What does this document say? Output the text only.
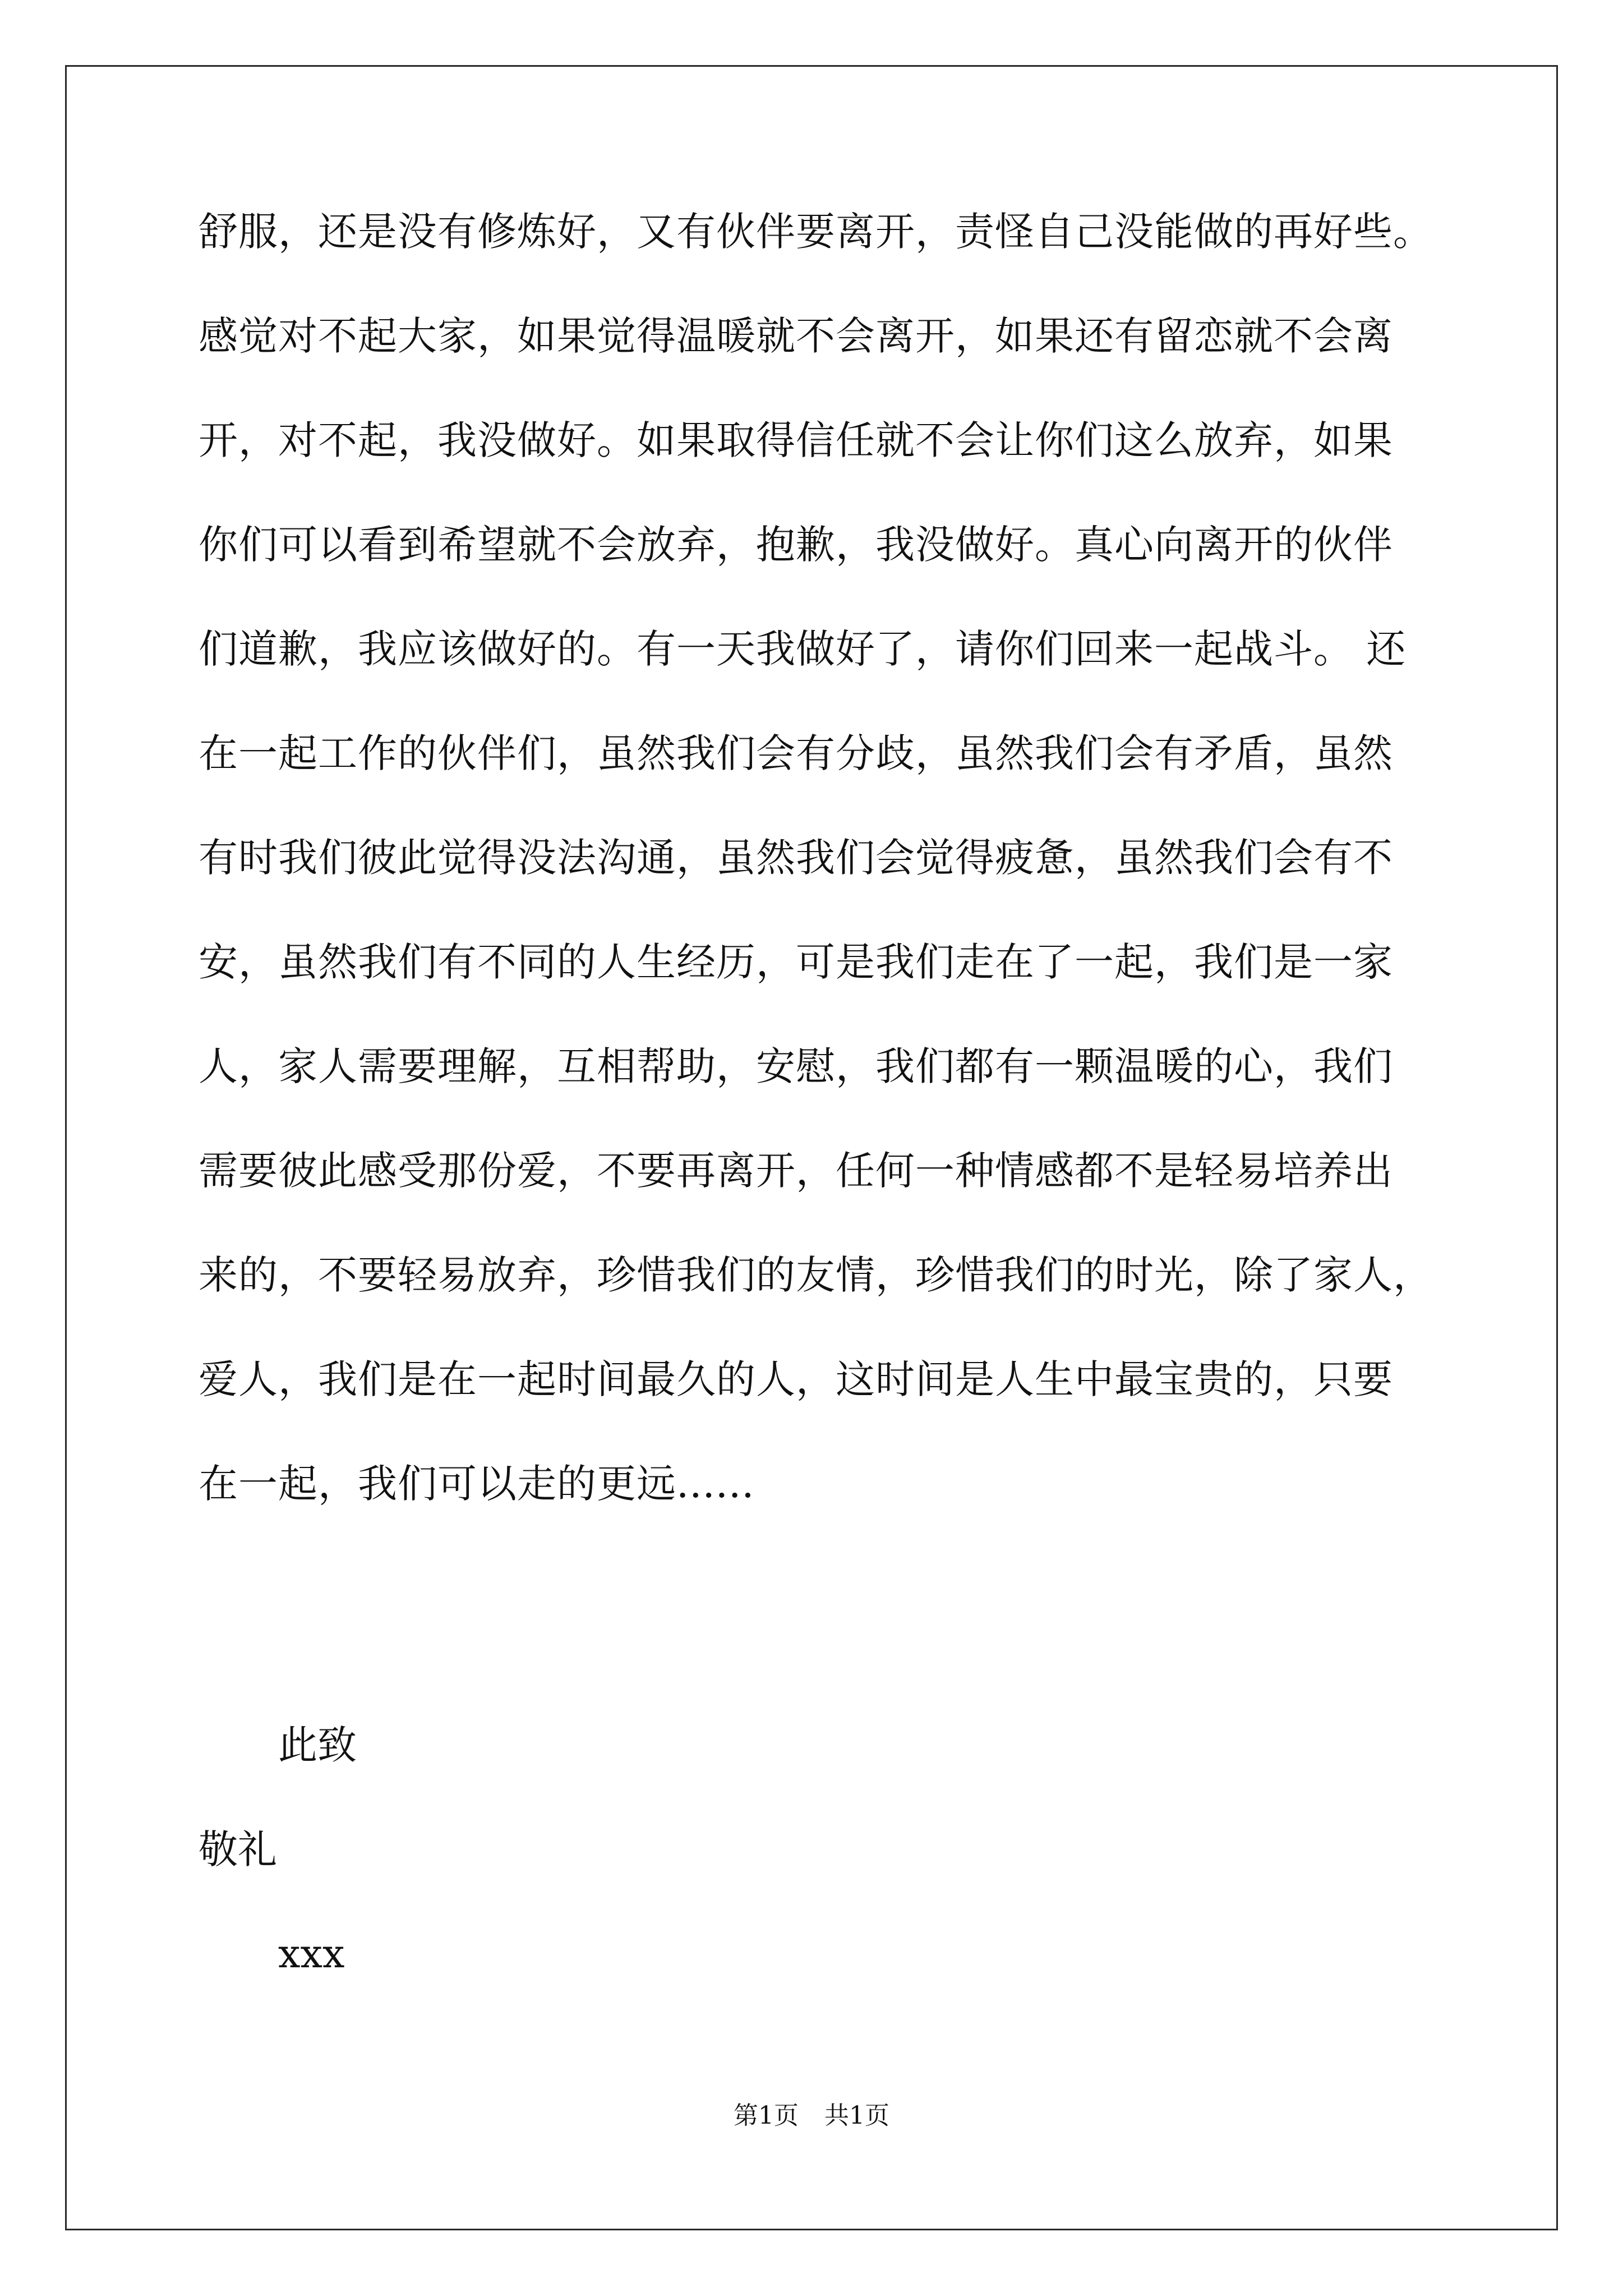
舒服，还是没有修炼好，又有伙伴要离开，责怪自己没能做的再好些。
感觉对不起大家，如果觉得温暖就不会离开，如果还有留恋就不会离
开，对不起，我没做好。如果取得信任就不会让你们这么放弃，如果
你们可以看到希望就不会放弃，抱歉，我没做好。真心向离开的伙伴
们道歉，我应该做好的。有一天我做好了，请你们回来一起战斗。 还
在一起工作的伙伴们，虽然我们会有分歧，虽然我们会有矛盾，虽然
有时我们彼此觉得没法沟通，虽然我们会觉得疲惫，虽然我们会有不
安，虽然我们有不同的人生经历，可是我们走在了一起，我们是一家
人，家人需要理解，互相帮助，安慰，我们都有一颗温暖的心，我们
需要彼此感受那份爱，不要再离开，任何一种情感都不是轻易培养出
来的，不要轻易放弃，珍惜我们的友情，珍惜我们的时光，除了家人，
爱人，我们是在一起时间最久的人，这时间是人生中最宝贵的，只要
在一起，我们可以走的更远......
此致
敬礼
xxx
第1页 共1页
